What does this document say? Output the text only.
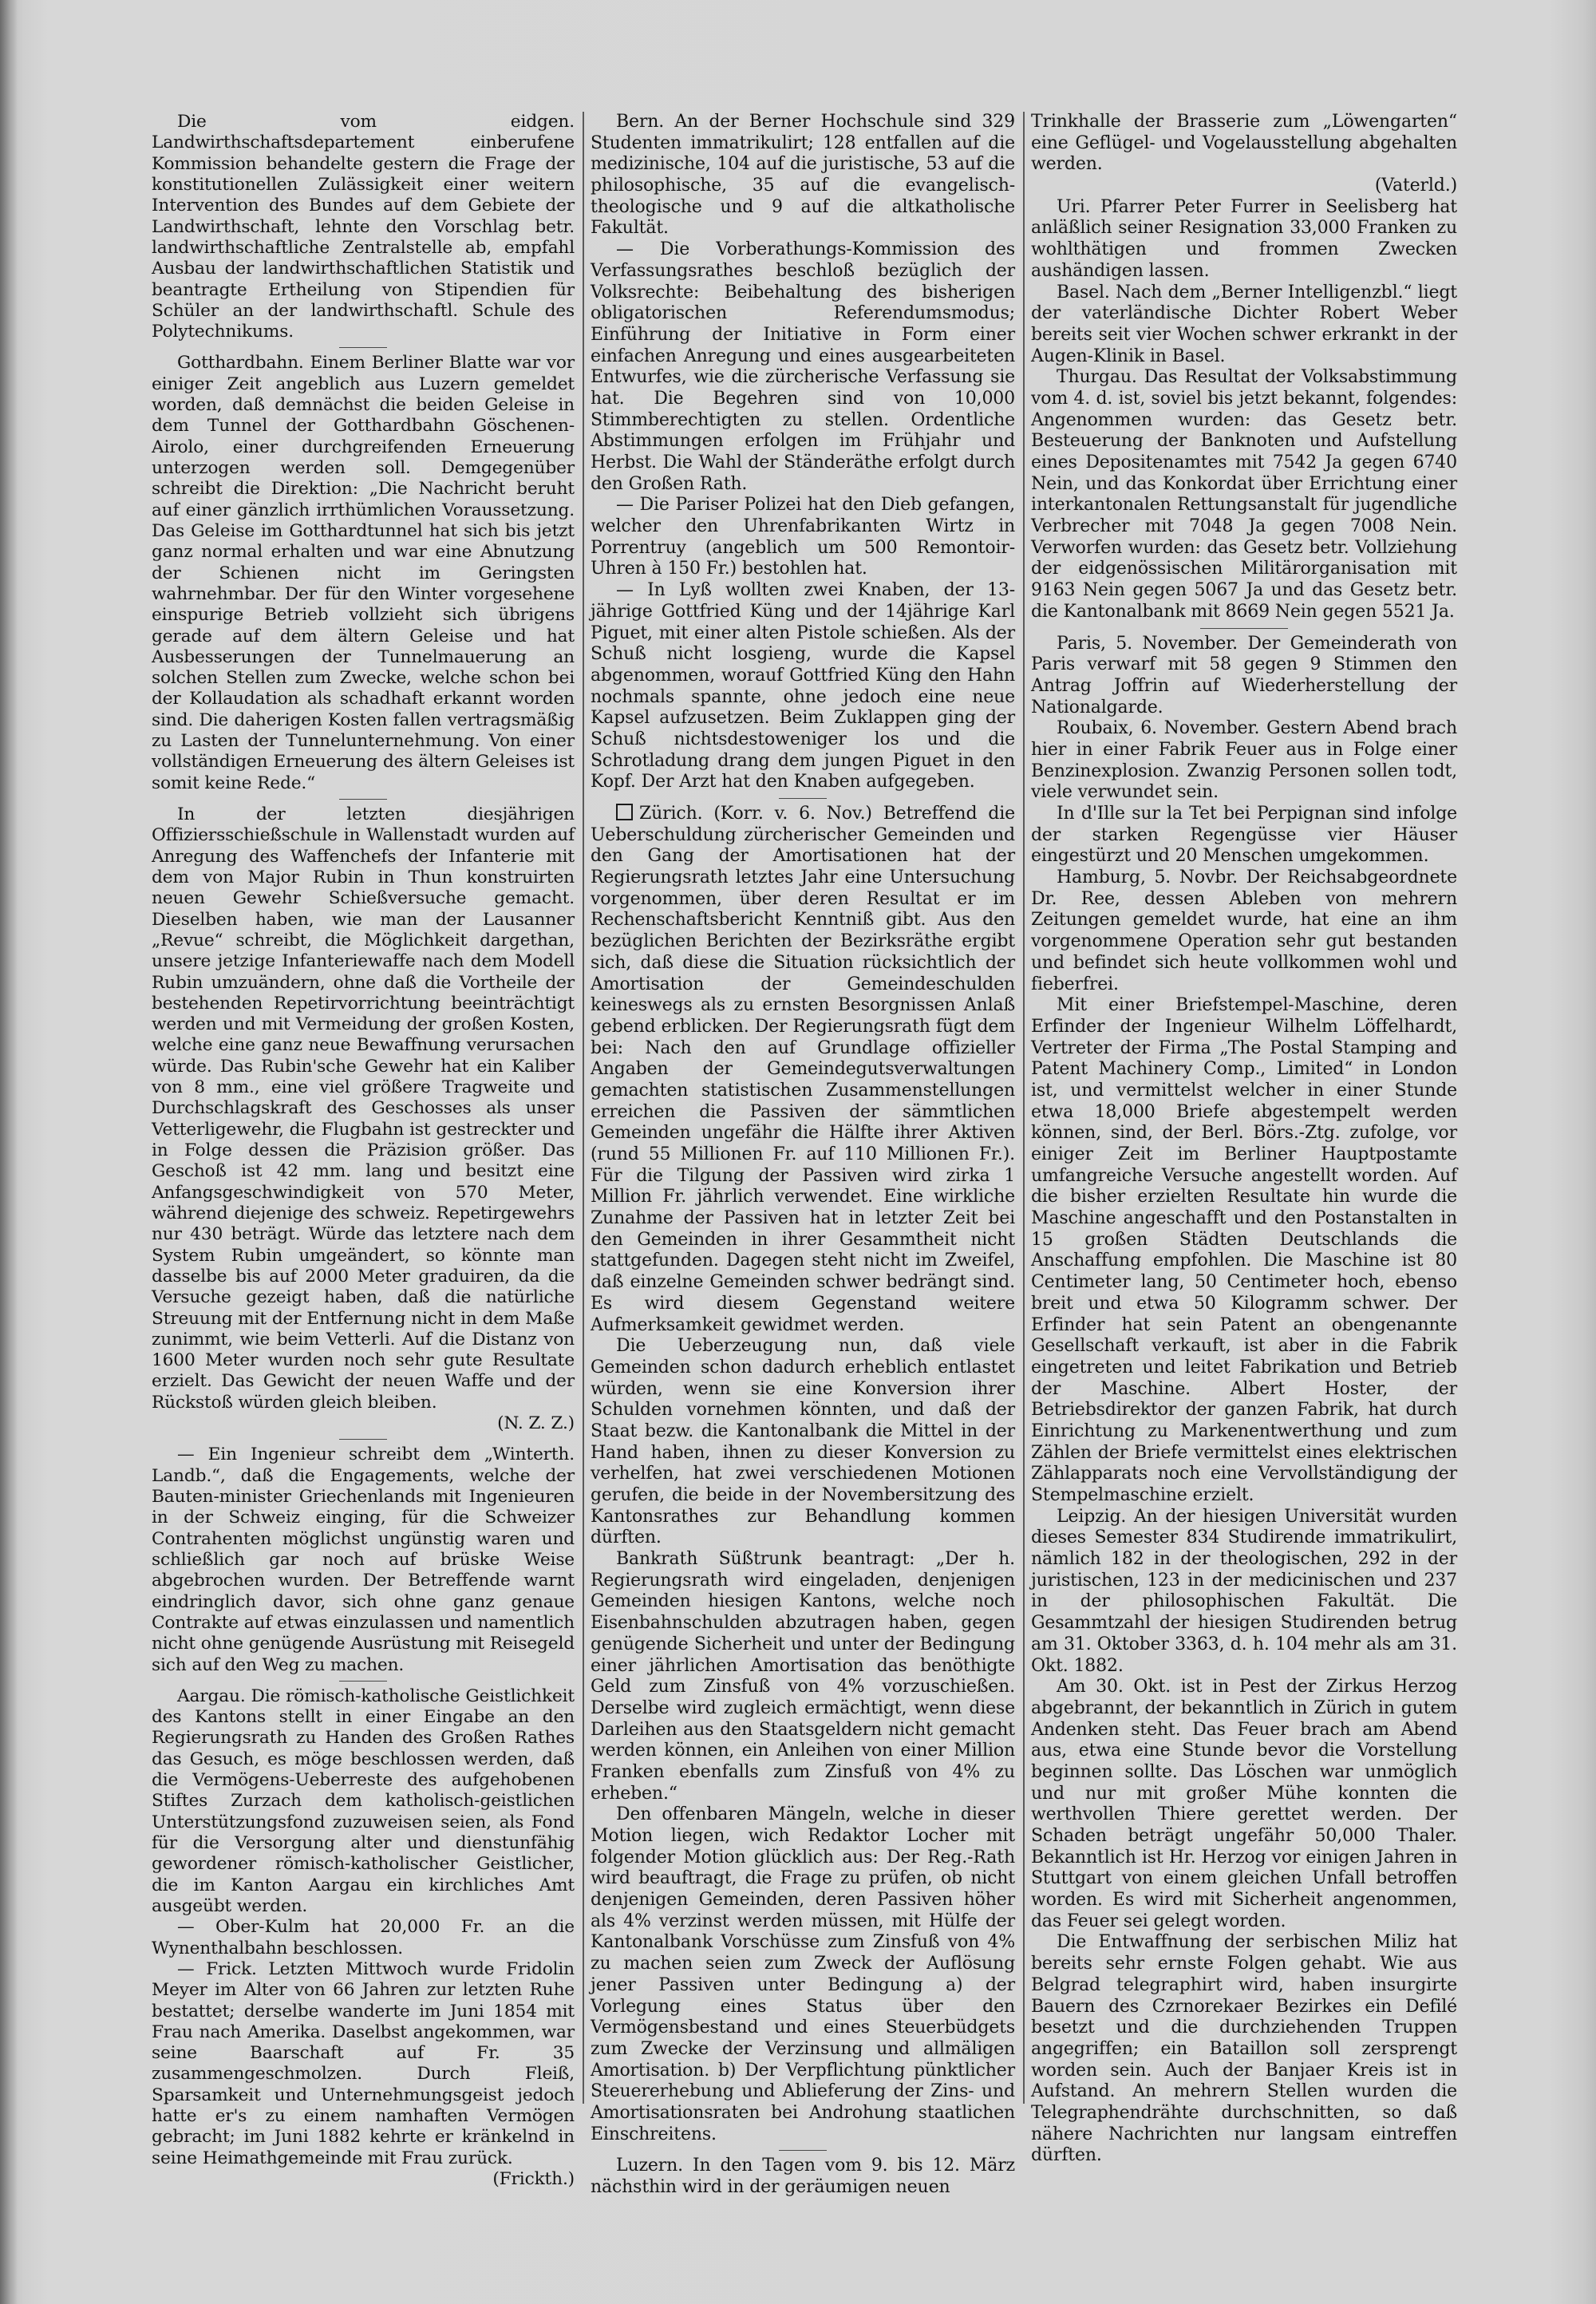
Die vom eidgen. Landwirthschaftsdepartement einberufene Kommission behandelte gestern die Frage der konstitutionellen Zulässigkeit einer weitern Intervention des Bundes auf dem Gebiete der Landwirthschaft, lehnte den Vorschlag betr. landwirthschaftliche Zentralstelle ab, empfahl Ausbau der landwirthschaftlichen Statistik und beantragte Ertheilung von Stipendien für Schüler an der landwirthschaftl. Schule des Polytechnikums.

Gotthardbahn. Einem Berliner Blatte war vor einiger Zeit angeblich aus Luzern gemeldet worden, daß demnächst die beiden Geleise in dem Tunnel der Gotthardbahn Göschenen-Airolo, einer durchgreifenden Erneuerung unterzogen werden soll. Demgegenüber schreibt die Direktion: „Die Nachricht beruht auf einer gänzlich irrthümlichen Voraussetzung. Das Geleise im Gotthardtunnel hat sich bis jetzt ganz normal erhalten und war eine Abnutzung der Schienen nicht im Geringsten wahrnehmbar. Der für den Winter vorgesehene einspurige Betrieb vollzieht sich übrigens gerade auf dem ältern Geleise und hat Ausbesserungen der Tunnelmauerung an solchen Stellen zum Zwecke, welche schon bei der Kollaudation als schadhaft erkannt worden sind. Die daherigen Kosten fallen vertragsmäßig zu Lasten der Tunnelunternehmung. Von einer vollständigen Erneuerung des ältern Geleises ist somit keine Rede.“

In der letzten diesjährigen Offiziersschießschule in Wallenstadt wurden auf Anregung des Waffenchefs der Infanterie mit dem von Major Rubin in Thun konstruirten neuen Gewehr Schießversuche gemacht. Dieselben haben, wie man der Lausanner „Revue“ schreibt, die Möglichkeit dargethan, unsere jetzige Infanteriewaffe nach dem Modell Rubin umzuändern, ohne daß die Vortheile der bestehenden Repetirvorrichtung beeinträchtigt werden und mit Vermeidung der großen Kosten, welche eine ganz neue Bewaffnung verursachen würde. Das Rubin'sche Gewehr hat ein Kaliber von 8 mm., eine viel größere Tragweite und Durchschlagskraft des Geschosses als unser Vetterligewehr, die Flugbahn ist gestreckter und in Folge dessen die Präzision größer. Das Geschoß ist 42 mm. lang und besitzt eine Anfangsgeschwindigkeit von 570 Meter, während diejenige des schweiz. Repetirgewehrs nur 430 beträgt. Würde das letztere nach dem System Rubin umgeändert, so könnte man dasselbe bis auf 2000 Meter graduiren, da die Versuche gezeigt haben, daß die natürliche Streuung mit der Entfernung nicht in dem Maße zunimmt, wie beim Vetterli. Auf die Distanz von 1600 Meter wurden noch sehr gute Resultate erzielt. Das Gewicht der neuen Waffe und der Rückstoß würden gleich bleiben.

(N. Z. Z.)

— Ein Ingenieur schreibt dem „Winterth. Landb.“, daß die Engagements, welche der Bauten-minister Griechenlands mit Ingenieuren in der Schweiz einging, für die Schweizer Contrahenten möglichst ungünstig waren und schließlich gar noch auf brüske Weise abgebrochen wurden. Der Betreffende warnt eindringlich davor, sich ohne ganz genaue Contrakte auf etwas einzulassen und namentlich nicht ohne genügende Ausrüstung mit Reisegeld sich auf den Weg zu machen.

Aargau. Die römisch-katholische Geistlichkeit des Kantons stellt in einer Eingabe an den Regierungsrath zu Handen des Großen Rathes das Gesuch, es möge beschlossen werden, daß die Vermögens-Ueberreste des aufgehobenen Stiftes Zurzach dem katholisch-geistlichen Unterstützungsfond zuzuweisen seien, als Fond für die Versorgung alter und dienstunfähig gewordener römisch-katholischer Geistlicher, die im Kanton Aargau ein kirchliches Amt ausgeübt werden.

— Ober-Kulm hat 20,000 Fr. an die Wynenthalbahn beschlossen.

— Frick. Letzten Mittwoch wurde Fridolin Meyer im Alter von 66 Jahren zur letzten Ruhe bestattet; derselbe wanderte im Juni 1854 mit Frau nach Amerika. Daselbst angekommen, war seine Baarschaft auf Fr. 35 zusammengeschmolzen. Durch Fleiß, Sparsamkeit und Unternehmungsgeist jedoch hatte er's zu einem namhaften Vermögen gebracht; im Juni 1882 kehrte er kränkelnd in seine Heimathgemeinde mit Frau zurück.

(Frickth.)

Bern. An der Berner Hochschule sind 329 Studenten immatrikulirt; 128 entfallen auf die medizinische, 104 auf die juristische, 53 auf die philosophische, 35 auf die evangelisch-theologische und 9 auf die altkatholische Fakultät.

— Die Vorberathungs-Kommission des Verfassungsrathes beschloß bezüglich der Volksrechte: Beibehaltung des bisherigen obligatorischen Referendumsmodus; Einführung der Initiative in Form einer einfachen Anregung und eines ausgearbeiteten Entwurfes, wie die zürcherische Verfassung sie hat. Die Begehren sind von 10,000 Stimmberechtigten zu stellen. Ordentliche Abstimmungen erfolgen im Frühjahr und Herbst. Die Wahl der Ständeräthe erfolgt durch den Großen Rath.

— Die Pariser Polizei hat den Dieb gefangen, welcher den Uhrenfabrikanten Wirtz in Porrentruy (angeblich um 500 Remontoir-Uhren à 150 Fr.) bestohlen hat.

— In Lyß wollten zwei Knaben, der 13-jährige Gottfried Küng und der 14jährige Karl Piguet, mit einer alten Pistole schießen. Als der Schuß nicht losgieng, wurde die Kapsel abgenommen, worauf Gottfried Küng den Hahn nochmals spannte, ohne jedoch eine neue Kapsel aufzusetzen. Beim Zuklappen ging der Schuß nichtsdestoweniger los und die Schrotladung drang dem jungen Piguet in den Kopf. Der Arzt hat den Knaben aufgegeben.

Zürich. (Korr. v. 6. Nov.) Betreffend die Ueberschuldung zürcherischer Gemeinden und den Gang der Amortisationen hat der Regierungsrath letztes Jahr eine Untersuchung vorgenommen, über deren Resultat er im Rechenschaftsbericht Kenntniß gibt. Aus den bezüglichen Berichten der Bezirksräthe ergibt sich, daß diese die Situation rücksichtlich der Amortisation der Gemeindeschulden keineswegs als zu ernsten Besorgnissen Anlaß gebend erblicken. Der Regierungsrath fügt dem bei: Nach den auf Grundlage offizieller Angaben der Gemeindegutsverwaltungen gemachten statistischen Zusammenstellungen erreichen die Passiven der sämmtlichen Gemeinden ungefähr die Hälfte ihrer Aktiven (rund 55 Millionen Fr. auf 110 Millionen Fr.). Für die Tilgung der Passiven wird zirka 1 Million Fr. jährlich verwendet. Eine wirkliche Zunahme der Passiven hat in letzter Zeit bei den Gemeinden in ihrer Gesammtheit nicht stattgefunden. Dagegen steht nicht im Zweifel, daß einzelne Gemeinden schwer bedrängt sind. Es wird diesem Gegenstand weitere Aufmerksamkeit gewidmet werden.

Die Ueberzeugung nun, daß viele Gemeinden schon dadurch erheblich entlastet würden, wenn sie eine Konversion ihrer Schulden vornehmen könnten, und daß der Staat bezw. die Kantonalbank die Mittel in der Hand haben, ihnen zu dieser Konversion zu verhelfen, hat zwei verschiedenen Motionen gerufen, die beide in der Novembersitzung des Kantonsrathes zur Behandlung kommen dürften.

Bankrath Süßtrunk beantragt: „Der h. Regierungsrath wird eingeladen, denjenigen Gemeinden hiesigen Kantons, welche noch Eisenbahnschulden abzutragen haben, gegen genügende Sicherheit und unter der Bedingung einer jährlichen Amortisation das benöthigte Geld zum Zinsfuß von 4% vorzuschießen. Derselbe wird zugleich ermächtigt, wenn diese Darleihen aus den Staatsgeldern nicht gemacht werden können, ein Anleihen von einer Million Franken ebenfalls zum Zinsfuß von 4% zu erheben.“

Den offenbaren Mängeln, welche in dieser Motion liegen, wich Redaktor Locher mit folgender Motion glücklich aus: Der Reg.-Rath wird beauftragt, die Frage zu prüfen, ob nicht denjenigen Gemeinden, deren Passiven höher als 4% verzinst werden müssen, mit Hülfe der Kantonalbank Vorschüsse zum Zinsfuß von 4% zu machen seien zum Zweck der Auflösung jener Passiven unter Bedingung a) der Vorlegung eines Status über den Vermögensbestand und eines Steuerbüdgets zum Zwecke der Verzinsung und allmäligen Amortisation. b) Der Verpflichtung pünktlicher Steuererhebung und Ablieferung der Zins- und Amortisationsraten bei Androhung staatlichen Einschreitens.

Luzern. In den Tagen vom 9. bis 12. März nächsthin wird in der geräumigen neuen

Trinkhalle der Brasserie zum „Löwengarten“ eine Geflügel- und Vogelausstellung abgehalten werden.

(Vaterld.)

Uri. Pfarrer Peter Furrer in Seelisberg hat anläßlich seiner Resignation 33,000 Franken zu wohlthätigen und frommen Zwecken aushändigen lassen.

Basel. Nach dem „Berner Intelligenzbl.“ liegt der vaterländische Dichter Robert Weber bereits seit vier Wochen schwer erkrankt in der Augen-Klinik in Basel.

Thurgau. Das Resultat der Volksabstimmung vom 4. d. ist, soviel bis jetzt bekannt, folgendes: Angenommen wurden: das Gesetz betr. Besteuerung der Banknoten und Aufstellung eines Depositenamtes mit 7542 Ja gegen 6740 Nein, und das Konkordat über Errichtung einer interkantonalen Rettungsanstalt für jugendliche Verbrecher mit 7048 Ja gegen 7008 Nein. Verworfen wurden: das Gesetz betr. Vollziehung der eidgenössischen Militärorganisation mit 9163 Nein gegen 5067 Ja und das Gesetz betr. die Kantonalbank mit 8669 Nein gegen 5521 Ja.

Paris, 5. November. Der Gemeinderath von Paris verwarf mit 58 gegen 9 Stimmen den Antrag Joffrin auf Wiederherstellung der Nationalgarde.

Roubaix, 6. November. Gestern Abend brach hier in einer Fabrik Feuer aus in Folge einer Benzinexplosion. Zwanzig Personen sollen todt, viele verwundet sein.

In d'Ille sur la Tet bei Perpignan sind infolge der starken Regengüsse vier Häuser eingestürzt und 20 Menschen umgekommen.

Hamburg, 5. Novbr. Der Reichsabgeordnete Dr. Ree, dessen Ableben von mehrern Zeitungen gemeldet wurde, hat eine an ihm vorgenommene Operation sehr gut bestanden und befindet sich heute vollkommen wohl und fieberfrei.

Mit einer Briefstempel-Maschine, deren Erfinder der Ingenieur Wilhelm Löffelhardt, Vertreter der Firma „The Postal Stamping and Patent Machinery Comp., Limited“ in London ist, und vermittelst welcher in einer Stunde etwa 18,000 Briefe abgestempelt werden können, sind, der Berl. Börs.-Ztg. zufolge, vor einiger Zeit im Berliner Hauptpostamte umfangreiche Versuche angestellt worden. Auf die bisher erzielten Resultate hin wurde die Maschine angeschafft und den Postanstalten in 15 großen Städten Deutschlands die Anschaffung empfohlen. Die Maschine ist 80 Centimeter lang, 50 Centimeter hoch, ebenso breit und etwa 50 Kilogramm schwer. Der Erfinder hat sein Patent an obengenannte Gesellschaft verkauft, ist aber in die Fabrik eingetreten und leitet Fabrikation und Betrieb der Maschine. Albert Hoster, der Betriebsdirektor der ganzen Fabrik, hat durch Einrichtung zu Markenentwerthung und zum Zählen der Briefe vermittelst eines elektrischen Zählapparats noch eine Vervollständigung der Stempelmaschine erzielt.

Leipzig. An der hiesigen Universität wurden dieses Semester 834 Studirende immatrikulirt, nämlich 182 in der theologischen, 292 in der juristischen, 123 in der medicinischen und 237 in der philosophischen Fakultät. Die Gesammtzahl der hiesigen Studirenden betrug am 31. Oktober 3363, d. h. 104 mehr als am 31. Okt. 1882.

Am 30. Okt. ist in Pest der Zirkus Herzog abgebrannt, der bekanntlich in Zürich in gutem Andenken steht. Das Feuer brach am Abend aus, etwa eine Stunde bevor die Vorstellung beginnen sollte. Das Löschen war unmöglich und nur mit großer Mühe konnten die werthvollen Thiere gerettet werden. Der Schaden beträgt ungefähr 50,000 Thaler. Bekanntlich ist Hr. Herzog vor einigen Jahren in Stuttgart von einem gleichen Unfall betroffen worden. Es wird mit Sicherheit angenommen, das Feuer sei gelegt worden.

Die Entwaffnung der serbischen Miliz hat bereits sehr ernste Folgen gehabt. Wie aus Belgrad telegraphirt wird, haben insurgirte Bauern des Czrnorekaer Bezirkes ein Defilé besetzt und die durchziehenden Truppen angegriffen; ein Bataillon soll zersprengt worden sein. Auch der Banjaer Kreis ist in Aufstand. An mehrern Stellen wurden die Telegraphendrähte durchschnitten, so daß nähere Nachrichten nur langsam eintreffen dürften.
